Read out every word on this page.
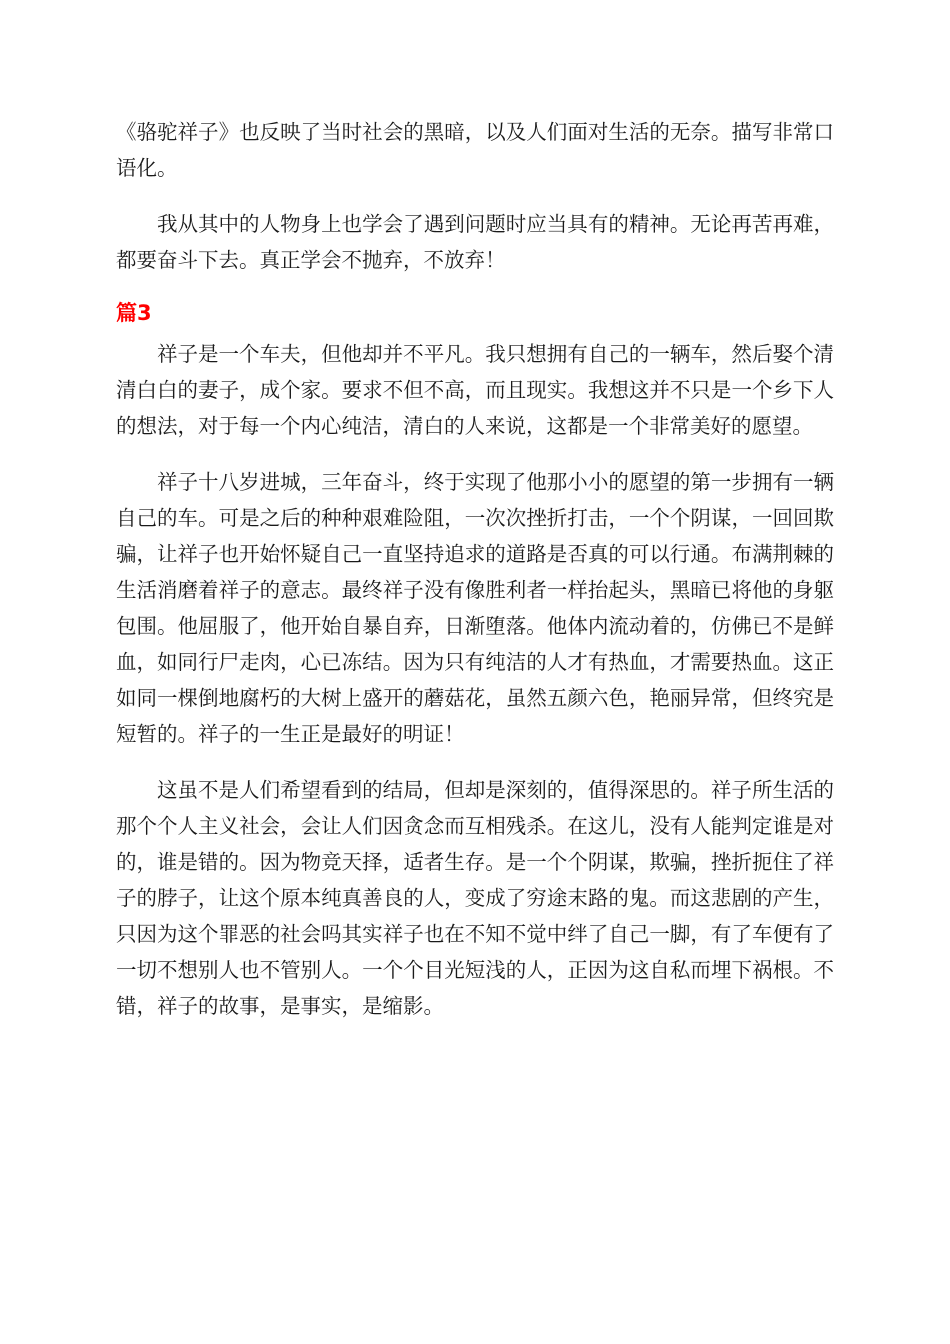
《骆驼祥子》也反映了当时社会的黑暗，以及人们面对生活的无奈。描写非常口语化。

我从其中的人物身上也学会了遇到问题时应当具有的精神。无论再苦再难，都要奋斗下去。真正学会不抛弃，不放弃！

篇3

祥子是一个车夫，但他却并不平凡。我只想拥有自己的一辆车，然后娶个清清白白的妻子，成个家。要求不但不高，而且现实。我想这并不只是一个乡下人的想法，对于每一个内心纯洁，清白的人来说，这都是一个非常美好的愿望。

祥子十八岁进城，三年奋斗，终于实现了他那小小的愿望的第一步拥有一辆自己的车。可是之后的种种艰难险阻，一次次挫折打击，一个个阴谋，一回回欺骗，让祥子也开始怀疑自己一直坚持追求的道路是否真的可以行通。布满荆棘的生活消磨着祥子的意志。最终祥子没有像胜利者一样抬起头，黑暗已将他的身躯包围。他屈服了，他开始自暴自弃，日渐堕落。他体内流动着的，仿佛已不是鲜血，如同行尸走肉，心已冻结。因为只有纯洁的人才有热血，才需要热血。这正如同一棵倒地腐朽的大树上盛开的蘑菇花，虽然五颜六色，艳丽异常，但终究是短暂的。祥子的一生正是最好的明证！

这虽不是人们希望看到的结局，但却是深刻的，值得深思的。祥子所生活的那个个人主义社会，会让人们因贪念而互相残杀。在这儿，没有人能判定谁是对的，谁是错的。因为物竞天择，适者生存。是一个个阴谋，欺骗，挫折扼住了祥子的脖子，让这个原本纯真善良的人，变成了穷途末路的鬼。而这悲剧的产生，只因为这个罪恶的社会吗其实祥子也在不知不觉中绊了自己一脚，有了车便有了一切不想别人也不管别人。一个个目光短浅的人，正因为这自私而埋下祸根。不错，祥子的故事，是事实，是缩影。
